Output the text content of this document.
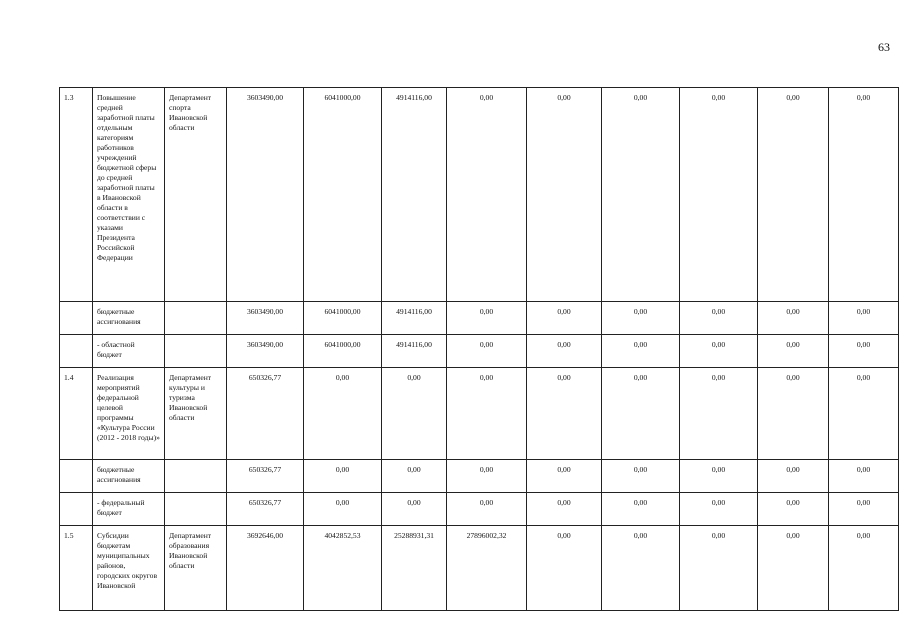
63
1.3	Повышение средней заработной платы отдельным категориям работников учреждений бюджетной сферы до средней заработной платы в Ивановской области в соответствии с указами Президента Российской Федерации	Департамент спорта Ивановской области	3603490,00	6041000,00	4914116,00	0,00	0,00	0,00	0,00	0,00	0,00
	бюджетные ассигнования		3603490,00	6041000,00	4914116,00	0,00	0,00	0,00	0,00	0,00	0,00
	- областной бюджет		3603490,00	6041000,00	4914116,00	0,00	0,00	0,00	0,00	0,00	0,00
1.4	Реализация мероприятий федеральной целевой программы «Культура России (2012 - 2018 годы)»	Департамент культуры и туризма Ивановской области	650326,77	0,00	0,00	0,00	0,00	0,00	0,00	0,00	0,00
	бюджетные ассигнования		650326,77	0,00	0,00	0,00	0,00	0,00	0,00	0,00	0,00
	- федеральный бюджет		650326,77	0,00	0,00	0,00	0,00	0,00	0,00	0,00	0,00
1.5	Субсидии бюджетам муниципальных районов, городских округов Ивановской	Департамент образования Ивановской области	3692646,00	4042852,53	25288931,31	27896002,32	0,00	0,00	0,00	0,00	0,00
